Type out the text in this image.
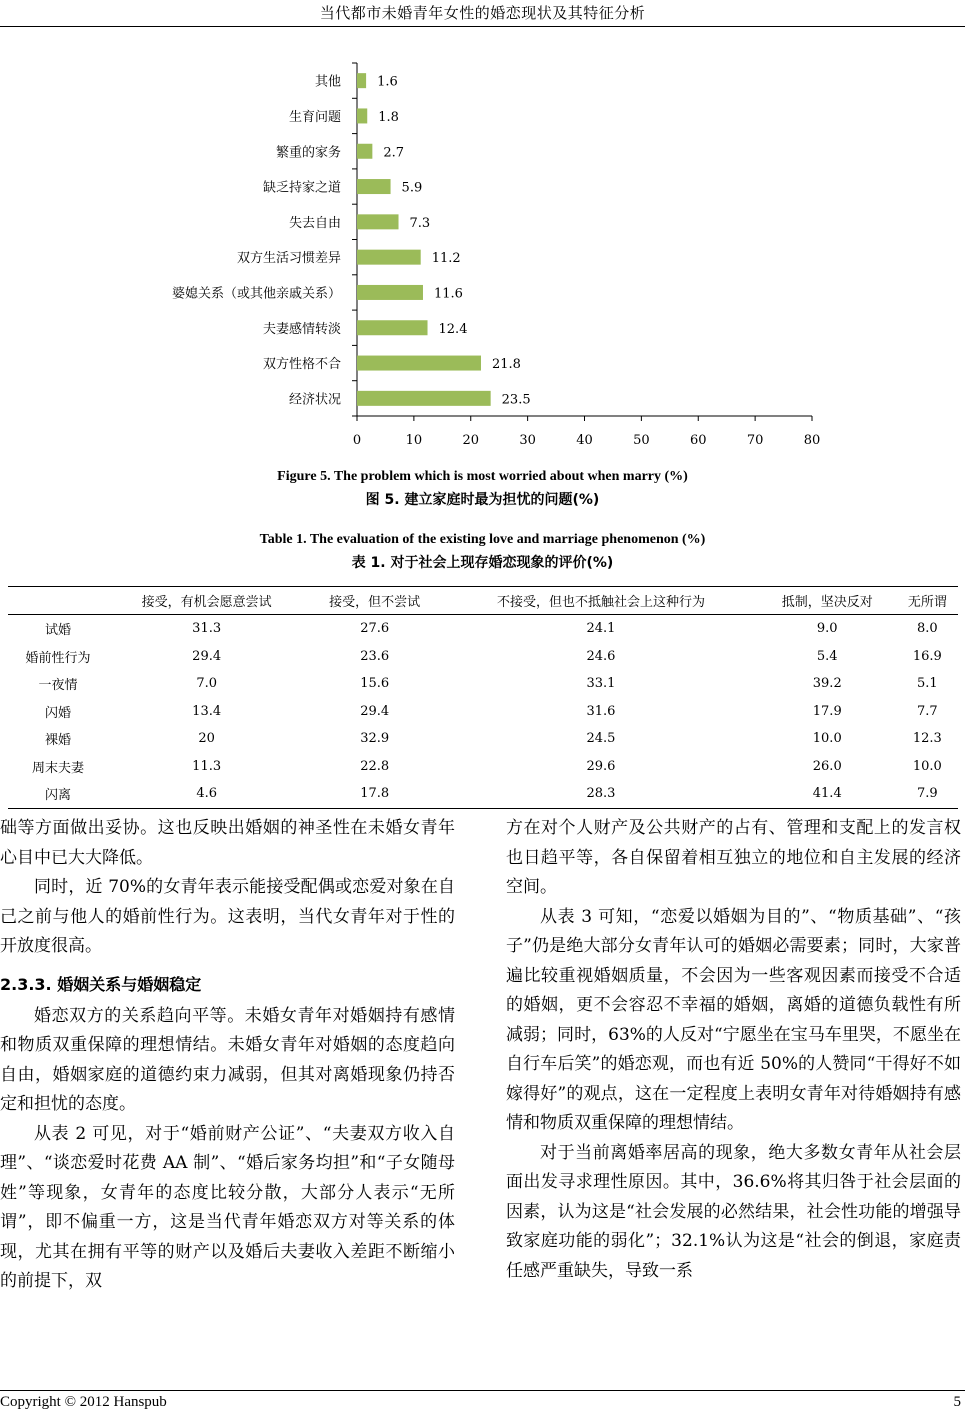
当代都市未婚青年女性的婚恋现状及其特征分析
0	10	20	30	40	50	60	70	80
其他	1.6
生育问题	1.8
繁重的家务	2.7
缺乏持家之道	5.9
失去自由	7.3
双方生活习惯差异	11.2
婆媳关系（或其他亲戚关系）	11.6
夫妻感情转淡	12.4
双方性格不合	21.8
经济状况	23.5
Figure 5. The problem which is most worried about when marry (%)
图 5. 建立家庭时最为担忧的问题(%)
Table 1. The evaluation of the existing love and marriage phenomenon (%)
表 1. 对于社会上现存婚恋现象的评价(%)
	接受，有机会愿意尝试	接受，但不尝试	不接受，但也不抵触社会上这种行为	抵制，坚决反对	无所谓
试婚	31.3	27.6	24.1	9.0	8.0
婚前性行为	29.4	23.6	24.6	5.4	16.9
一夜情	7.0	15.6	33.1	39.2	5.1
闪婚	13.4	29.4	31.6	17.9	7.7
裸婚	20	32.9	24.5	10.0	12.3
周末夫妻	11.3	22.8	29.6	26.0	10.0
闪离	4.6	17.8	28.3	41.4	7.9

础等方面做出妥协。这也反映出婚姻的神圣性在未婚女青年心目中已大大降低。

同时，近 70%的女青年表示能接受配偶或恋爱对象在自己之前与他人的婚前性行为。这表明，当代女青年对于性的开放度很高。

2.3.3. 婚姻关系与婚姻稳定

婚恋双方的关系趋向平等。未婚女青年对婚姻持有感情和物质双重保障的理想情结。未婚女青年对婚姻的态度趋向自由，婚姻家庭的道德约束力减弱，但其对离婚现象仍持否定和担忧的态度。

从表 2 可见，对于“婚前财产公证”、“夫妻双方收入自理”、“谈恋爱时花费 AA 制”、“婚后家务均担”和“子女随母姓”等现象，女青年的态度比较分散，大部分人表示“无所谓”，即不偏重一方，这是当代青年婚恋双方对等关系的体现，尤其在拥有平等的财产以及婚后夫妻收入差距不断缩小的前提下，双

方在对个人财产及公共财产的占有、管理和支配上的发言权也日趋平等，各自保留着相互独立的地位和自主发展的经济空间。

从表 3 可知，“恋爱以婚姻为目的”、“物质基础”、“孩子”仍是绝大部分女青年认可的婚姻必需要素；同时，大家普遍比较重视婚姻质量，不会因为一些客观因素而接受不合适的婚姻，更不会容忍不幸福的婚姻，离婚的道德负载性有所减弱；同时，63%的人反对“宁愿坐在宝马车里哭，不愿坐在自行车后笑”的婚恋观，而也有近 50%的人赞同“干得好不如嫁得好”的观点，这在一定程度上表明女青年对待婚姻持有感情和物质双重保障的理想情结。

对于当前离婚率居高的现象，绝大多数女青年从社会层面出发寻求理性原因。其中，36.6%将其归咎于社会层面的因素，认为这是“社会发展的必然结果，社会性功能的增强导致家庭功能的弱化”；32.1%认为这是“社会的倒退，家庭责任感严重缺失，导致一系

Copyright © 2012 Hanspub	5
